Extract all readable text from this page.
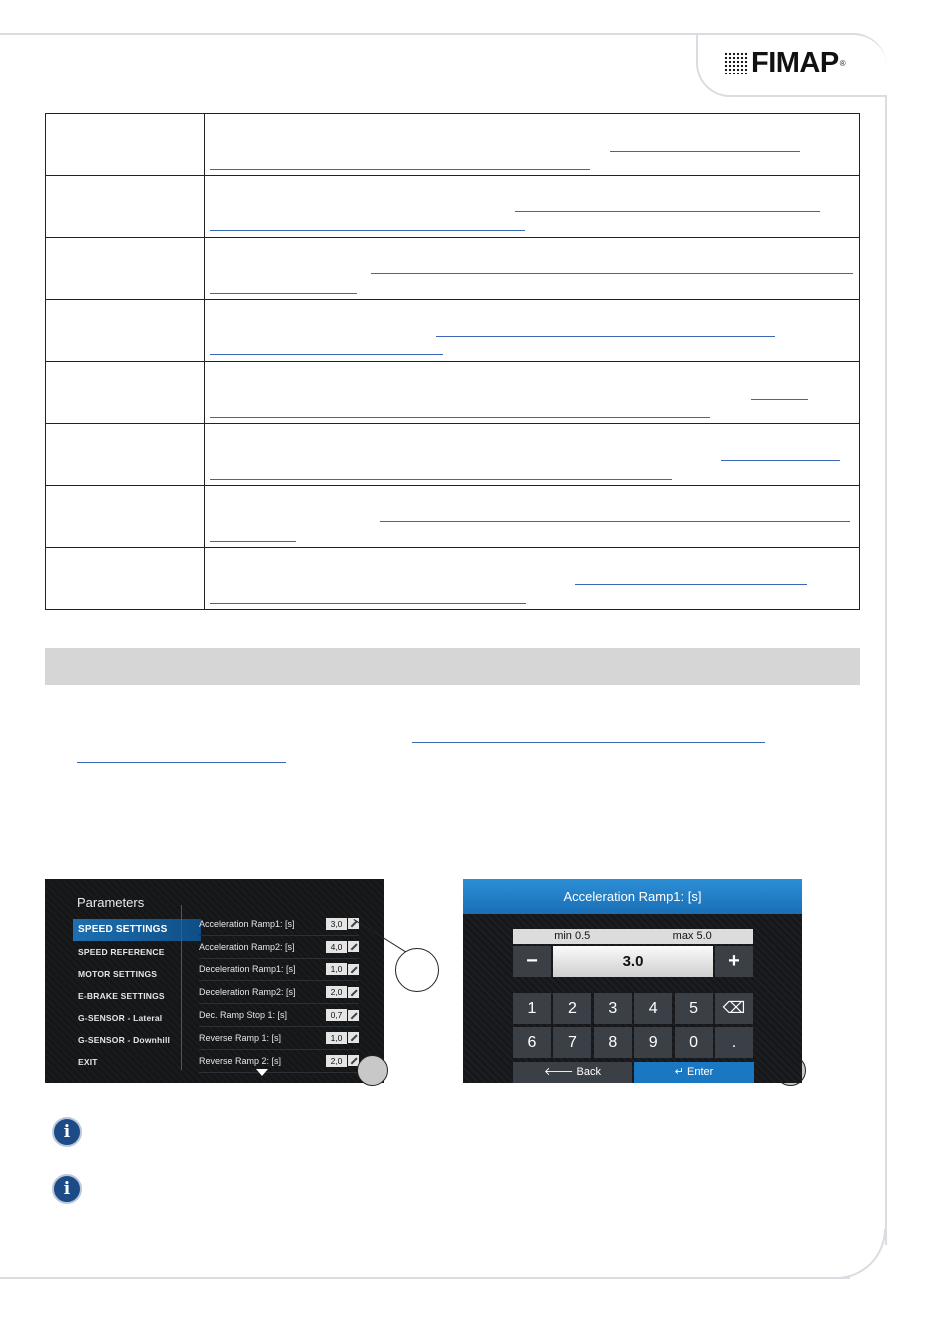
FIMAP ®

Parameters
SPEED SETTINGS
SPEED REFERENCE
MOTOR SETTINGS
E-BRAKE SETTINGS
G-SENSOR - Lateral
G-SENSOR - Downhill
EXIT
Acceleration Ramp1: [s]	3,0
Acceleration Ramp2: [s]	4,0
Deceleration Ramp1: [s]	1,0
Deceleration Ramp2: [s]	2,0
Dec. Ramp Stop 1: [s]	0,7
Reverse Ramp 1: [s]	1,0
Reverse Ramp 2: [s]	2,0
Acceleration Ramp1: [s]
min 0.5	max 5.0
−	3.0	+
1	2	3	4	5	⌫
6	7	8	9	0	.
🡐 Back	↵ Enter
i
i
